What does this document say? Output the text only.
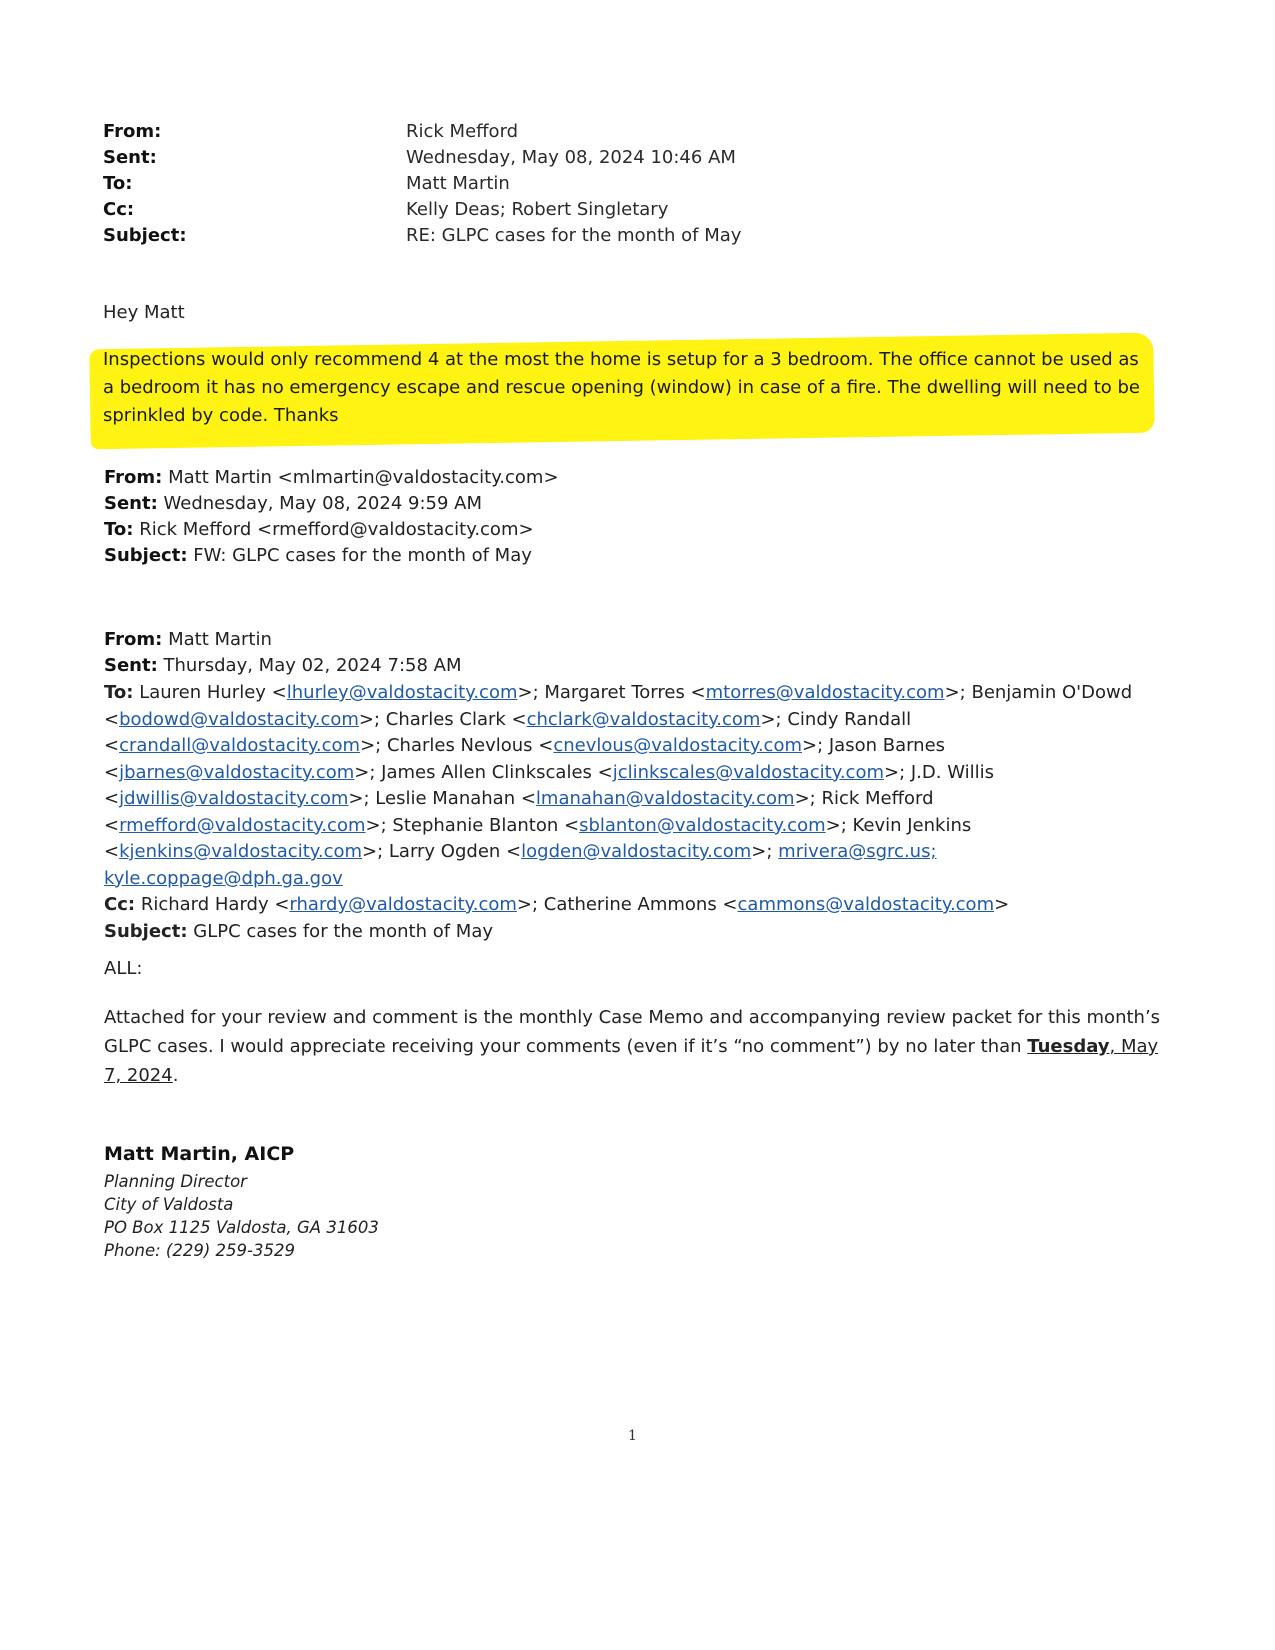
From:	Rick Mefford
Sent:	Wednesday, May 08, 2024 10:46 AM
To:	Matt Martin
Cc:	Kelly Deas; Robert Singletary
Subject:	RE: GLPC cases for the month of May
Hey Matt
Inspections would only recommend 4 at the most the home is setup for a 3 bedroom. The office cannot be used as a bedroom it has no emergency escape and rescue opening (window) in case of a fire. The dwelling will need to be sprinkled by code. Thanks
From: Matt Martin <mlmartin@valdostacity.com>
Sent: Wednesday, May 08, 2024 9:59 AM
To: Rick Mefford <rmefford@valdostacity.com>
Subject: FW: GLPC cases for the month of May
From: Matt Martin
Sent: Thursday, May 02, 2024 7:58 AM
To: Lauren Hurley <lhurley@valdostacity.com>; Margaret Torres <mtorres@valdostacity.com>; Benjamin O'Dowd <bodowd@valdostacity.com>; Charles Clark <chclark@valdostacity.com>; Cindy Randall <crandall@valdostacity.com>; Charles Nevlous <cnevlous@valdostacity.com>; Jason Barnes <jbarnes@valdostacity.com>; James Allen Clinkscales <jclinkscales@valdostacity.com>; J.D. Willis <jdwillis@valdostacity.com>; Leslie Manahan <lmanahan@valdostacity.com>; Rick Mefford <rmefford@valdostacity.com>; Stephanie Blanton <sblanton@valdostacity.com>; Kevin Jenkins <kjenkins@valdostacity.com>; Larry Ogden <logden@valdostacity.com>; mrivera@sgrc.us; kyle.coppage@dph.ga.gov
Cc: Richard Hardy <rhardy@valdostacity.com>; Catherine Ammons <cammons@valdostacity.com>
Subject: GLPC cases for the month of May
ALL:
Attached for your review and comment is the monthly Case Memo and accompanying review packet for this month’s GLPC cases. I would appreciate receiving your comments (even if it’s “no comment”) by no later than Tuesday, May 7, 2024.
Matt Martin, AICP
Planning Director
City of Valdosta
PO Box 1125 Valdosta, GA 31603
Phone: (229) 259-3529
1
